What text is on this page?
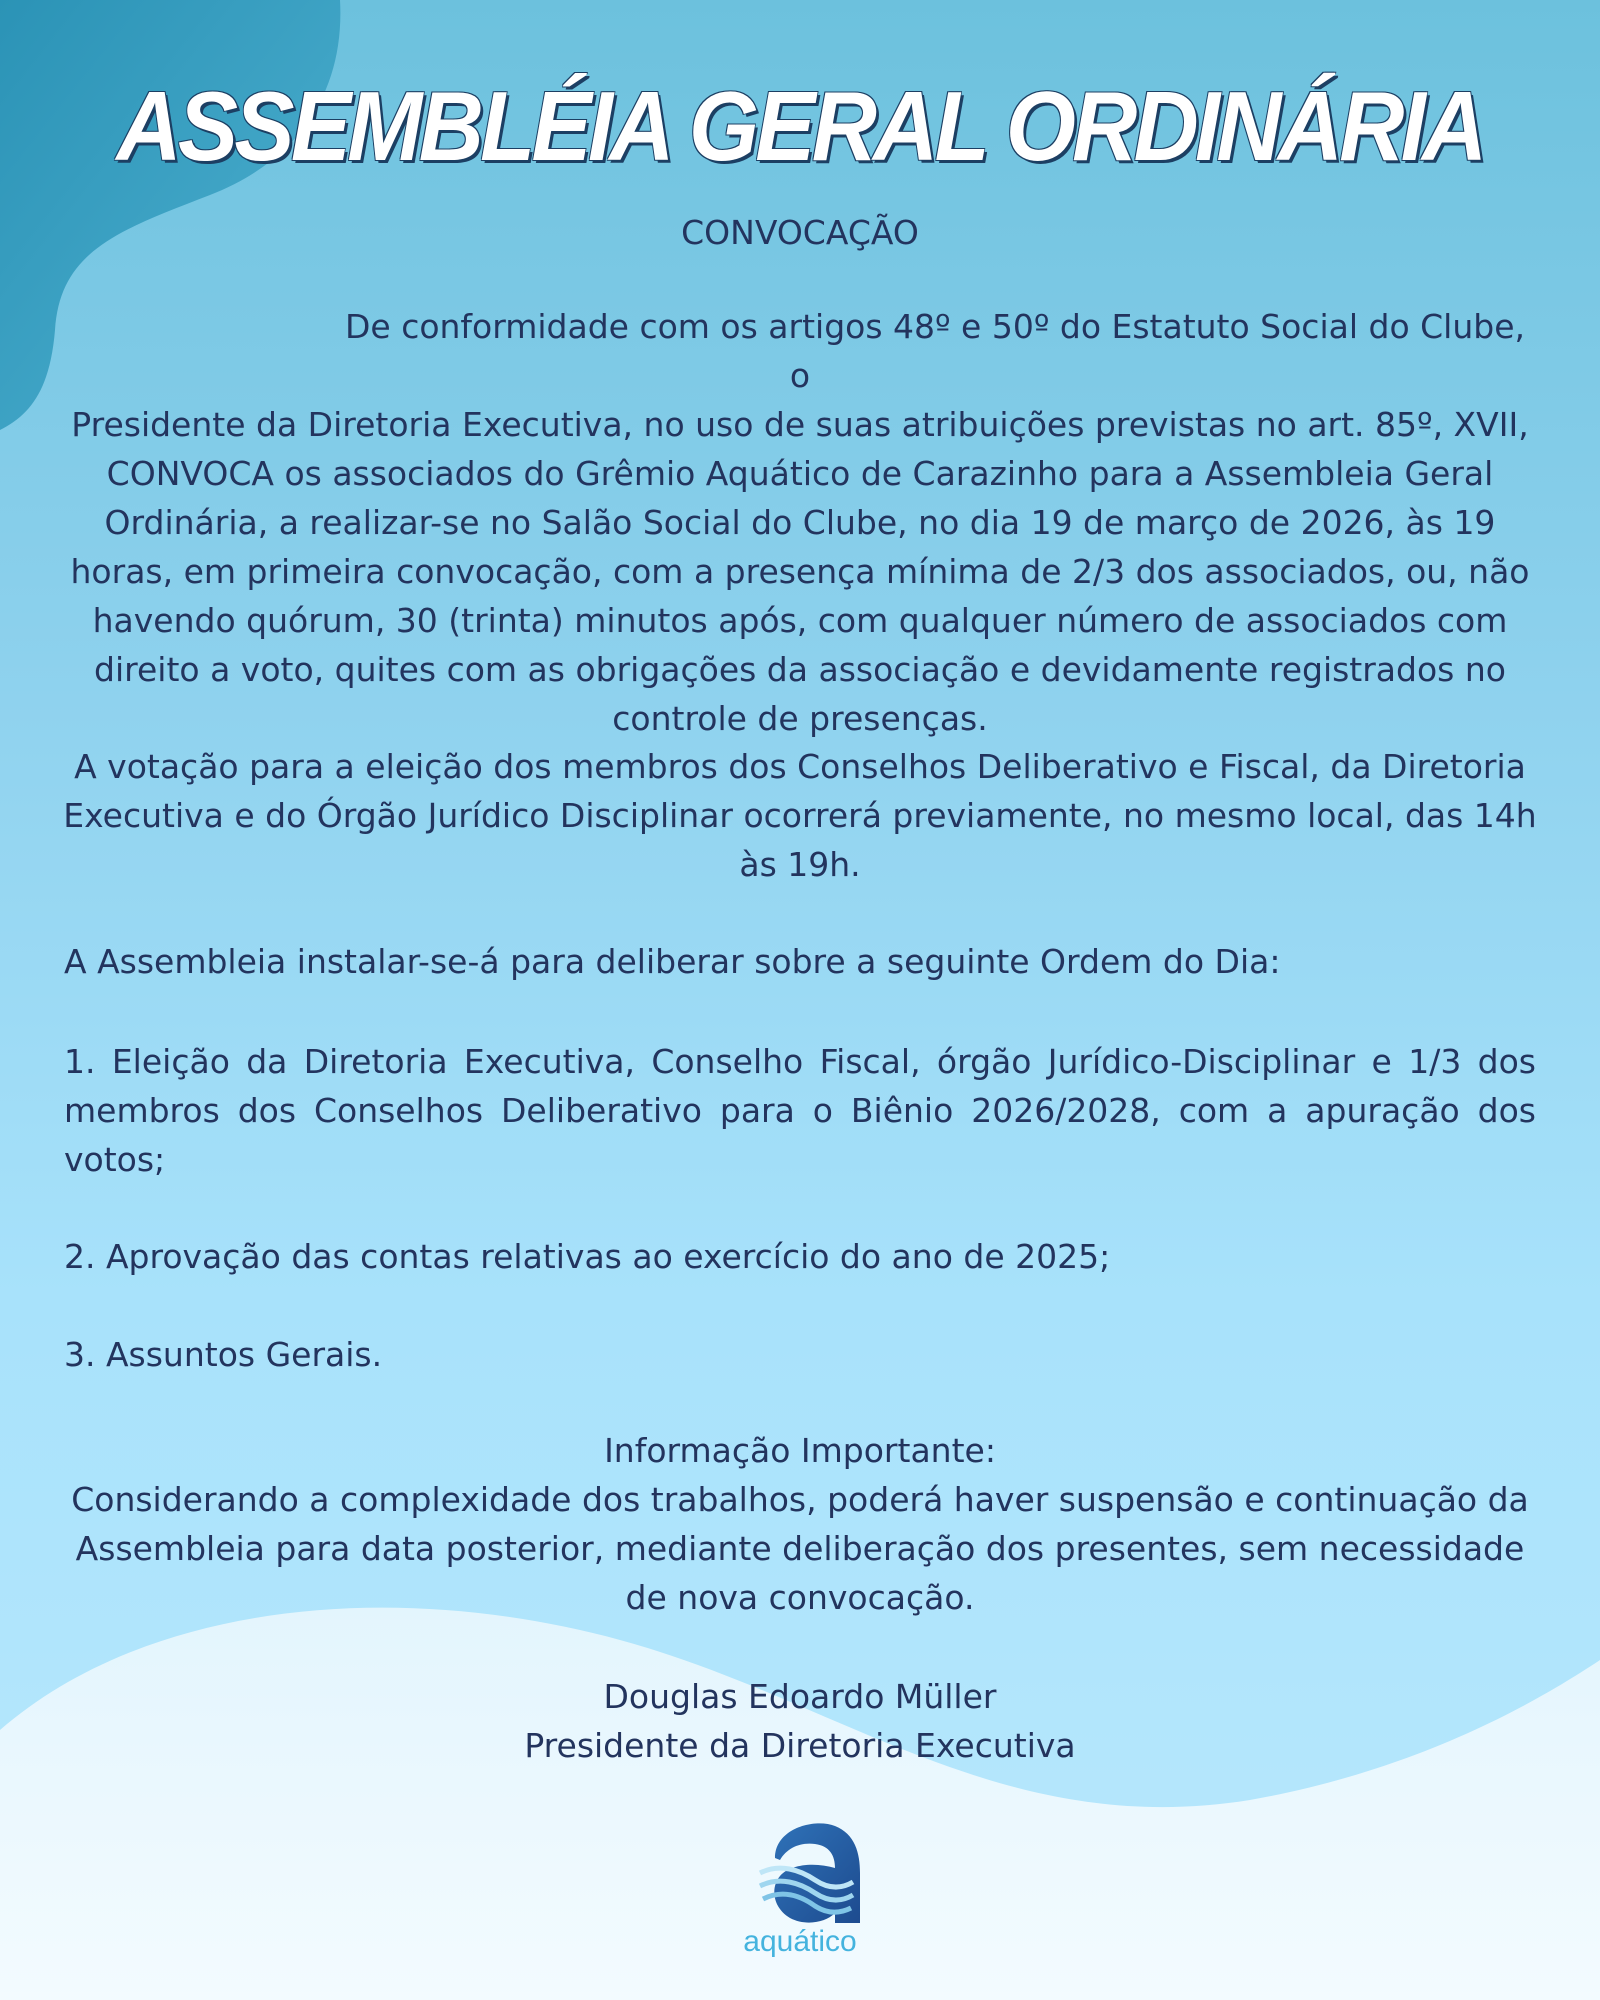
ASSEMBLÉIA GERAL ORDINÁRIA
CONVOCAÇÃO
De conformidade com os artigos 48º e 50º do Estatuto Social do Clube, o
Presidente da Diretoria Executiva, no uso de suas atribuições previstas no art. 85º, XVII,
CONVOCA os associados do Grêmio Aquático de Carazinho para a Assembleia Geral
Ordinária, a realizar-se no Salão Social do Clube, no dia 19 de março de 2026, às 19
horas, em primeira convocação, com a presença mínima de 2/3 dos associados, ou, não
havendo quórum, 30 (trinta) minutos após, com qualquer número de associados com
direito a voto, quites com as obrigações da associação e devidamente registrados no
controle de presenças.
A votação para a eleição dos membros dos Conselhos Deliberativo e Fiscal, da Diretoria Executiva e do Órgão Jurídico Disciplinar ocorrerá previamente, no mesmo local, das 14h às 19h.
A Assembleia instalar-se-á para deliberar sobre a seguinte Ordem do Dia:
1. Eleição da Diretoria Executiva, Conselho Fiscal, órgão Jurídico-Disciplinar e 1/3 dos membros dos Conselhos Deliberativo para o Biênio 2026/2028, com a apuração dos votos;
2. Aprovação das contas relativas ao exercício do ano de 2025;
3. Assuntos Gerais.
Informação Importante:
Considerando a complexidade dos trabalhos, poderá haver suspensão e continuação da Assembleia para data posterior, mediante deliberação dos presentes, sem necessidade de nova convocação.
Douglas Edoardo Müller
Presidente da Diretoria Executiva
aquático
